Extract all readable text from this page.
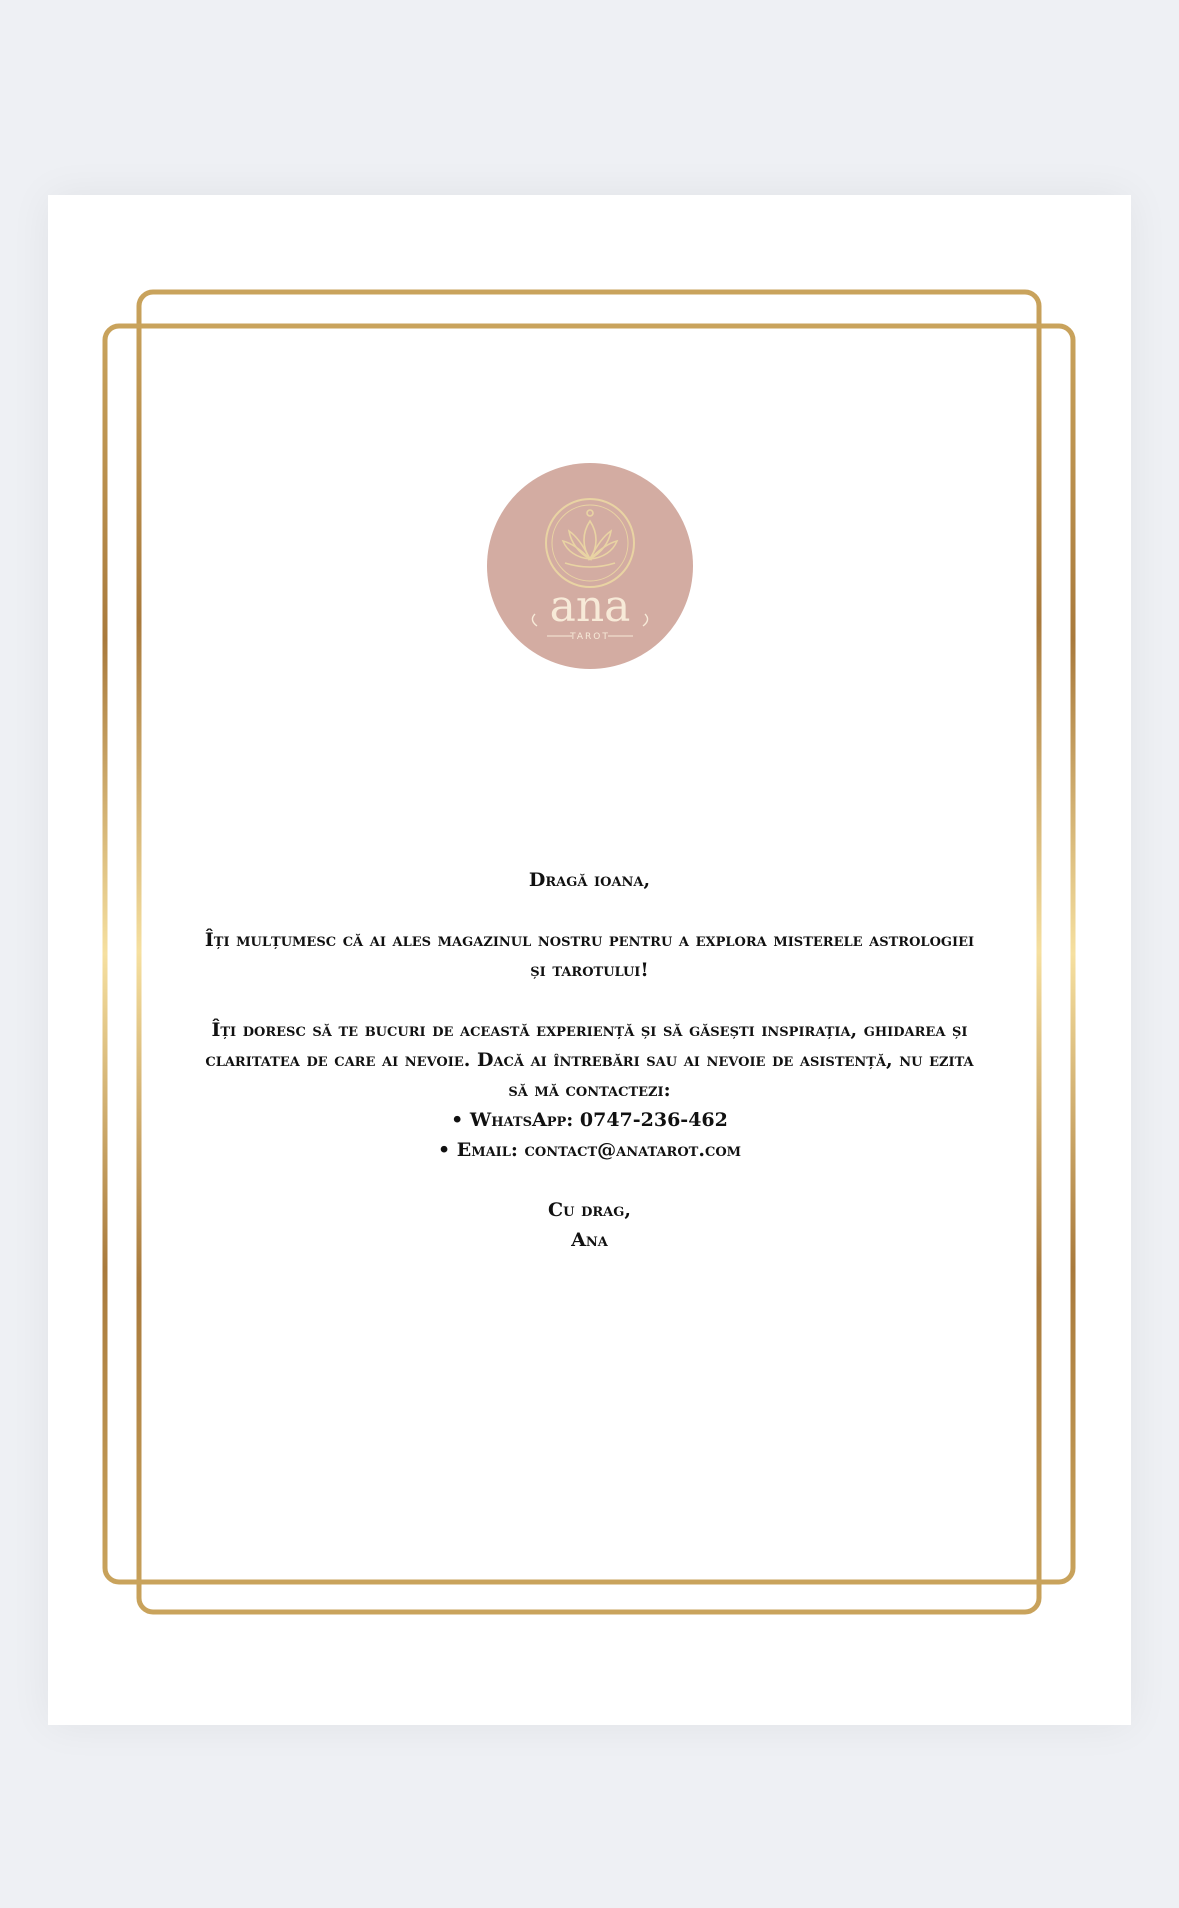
ana
TAROT

Dragă ioana,

Îți mulțumesc că ai ales magazinul nostru pentru a explora misterele astrologiei și tarotului!

Îți doresc să te bucuri de această experiență și să găsești inspirația, ghidarea și claritatea de care ai nevoie. Dacă ai întrebări sau ai nevoie de asistență, nu ezita să mă contactezi:

• WhatsApp: 0747-236-462

• Email: contact@anatarot.com

Cu drag,

Ana
